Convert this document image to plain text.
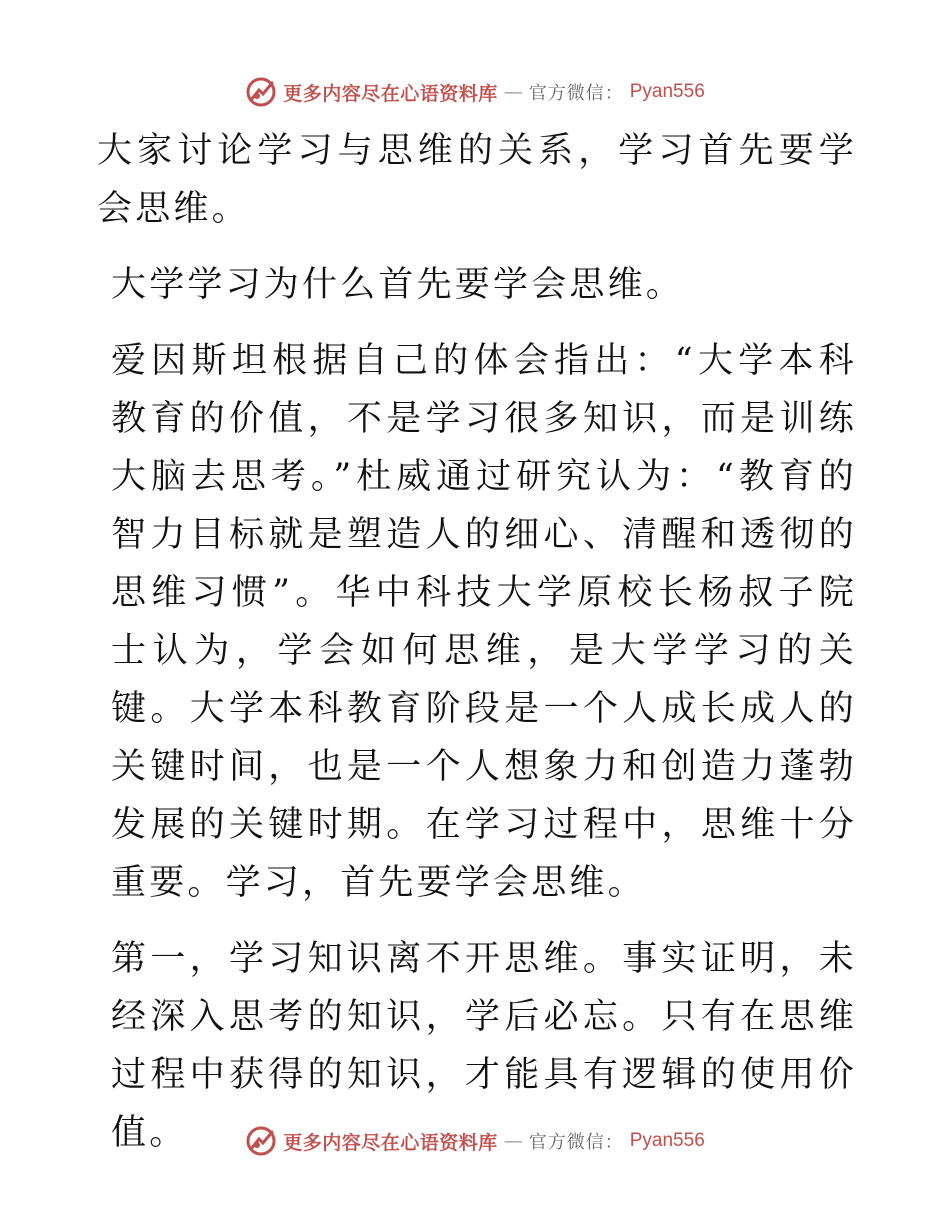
更多内容尽在心语资料库 — 官方微信： Pyan556

大家讨论学习与思维的关系，学习首先要学会思维。

大学学习为什么首先要学会思维。

爱因斯坦根据自己的体会指出：“大学本科教育的价值，不是学习很多知识，而是训练大脑去思考。”杜威通过研究认为：“教育的智力目标就是塑造人的细心、清醒和透彻的思维习惯”。华中科技大学原校长杨叔子院士认为，学会如何思维，是大学学习的关键。大学本科教育阶段是一个人成长成人的关键时间，也是一个人想象力和创造力蓬勃发展的关键时期。在学习过程中，思维十分重要。学习，首先要学会思维。

第一，学习知识离不开思维。事实证明，未经深入思考的知识，学后必忘。只有在思维过程中获得的知识，才能具有逻辑的使用价值。	更多内容尽在心语资料库 — 官方微信： Pyan556
